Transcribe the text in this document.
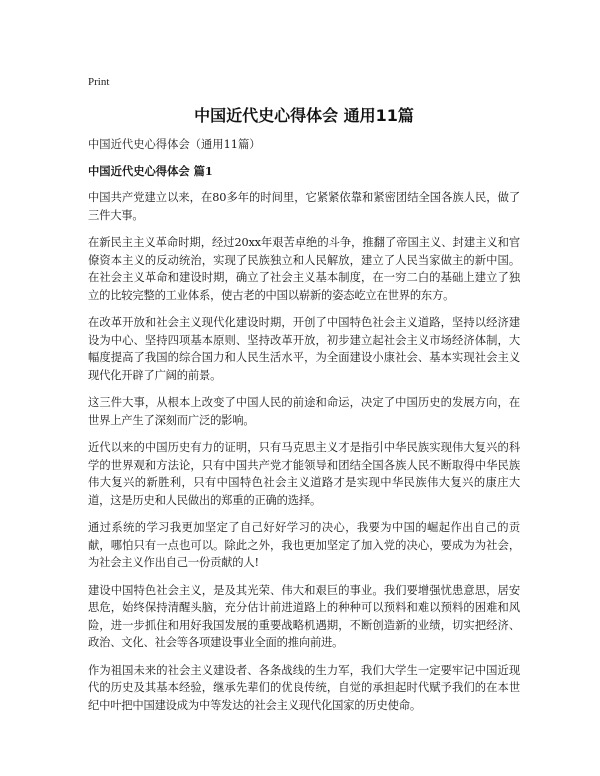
Print
中国近代史心得体会 通用11篇
中国近代史心得体会（通用11篇）
中国近代史心得体会 篇1

中国共产党建立以来，在80多年的时间里，它紧紧依靠和紧密团结全国各族人民，做了三件大事。

在新民主主义革命时期，经过20xx年艰苦卓绝的斗争，推翻了帝国主义、封建主义和官僚资本主义的反动统治，实现了民族独立和人民解放，建立了人民当家做主的新中国。在社会主义革命和建设时期，确立了社会主义基本制度，在一穷二白的基础上建立了独立的比较完整的工业体系，使古老的中国以崭新的姿态屹立在世界的东方。

在改革开放和社会主义现代化建设时期，开创了中国特色社会主义道路，坚持以经济建设为中心、坚持四项基本原则、坚持改革开放，初步建立起社会主义市场经济体制，大幅度提高了我国的综合国力和人民生活水平，为全面建设小康社会、基本实现社会主义现代化开辟了广阔的前景。

这三件大事，从根本上改变了中国人民的前途和命运，决定了中国历史的发展方向，在世界上产生了深刻而广泛的影响。

近代以来的中国历史有力的证明，只有马克思主义才是指引中华民族实现伟大复兴的科学的世界观和方法论，只有中国共产党才能领导和团结全国各族人民不断取得中华民族伟大复兴的新胜利，只有中国特色社会主义道路才是实现中华民族伟大复兴的康庄大道，这是历史和人民做出的郑重的正确的选择。

通过系统的学习我更加坚定了自己好好学习的决心，我要为中国的崛起作出自己的贡献，哪怕只有一点也可以。除此之外，我也更加坚定了加入党的决心，要成为为社会，为社会主义作出自己一份贡献的人!

建设中国特色社会主义，是及其光荣、伟大和艰巨的事业。我们要增强忧患意思，居安思危，始终保持清醒头脑，充分估计前进道路上的种种可以预料和难以预料的困难和风险，进一步抓住和用好我国发展的重要战略机遇期，不断创造新的业绩，切实把经济、政治、文化、社会等各项建设事业全面的推向前进。

作为祖国未来的社会主义建设者、各条战线的生力军，我们大学生一定要牢记中国近现代的历史及其基本经验，继承先辈们的优良传统，自觉的承担起时代赋予我们的在本世纪中叶把中国建设成为中等发达的社会主义现代化国家的历史使命。
